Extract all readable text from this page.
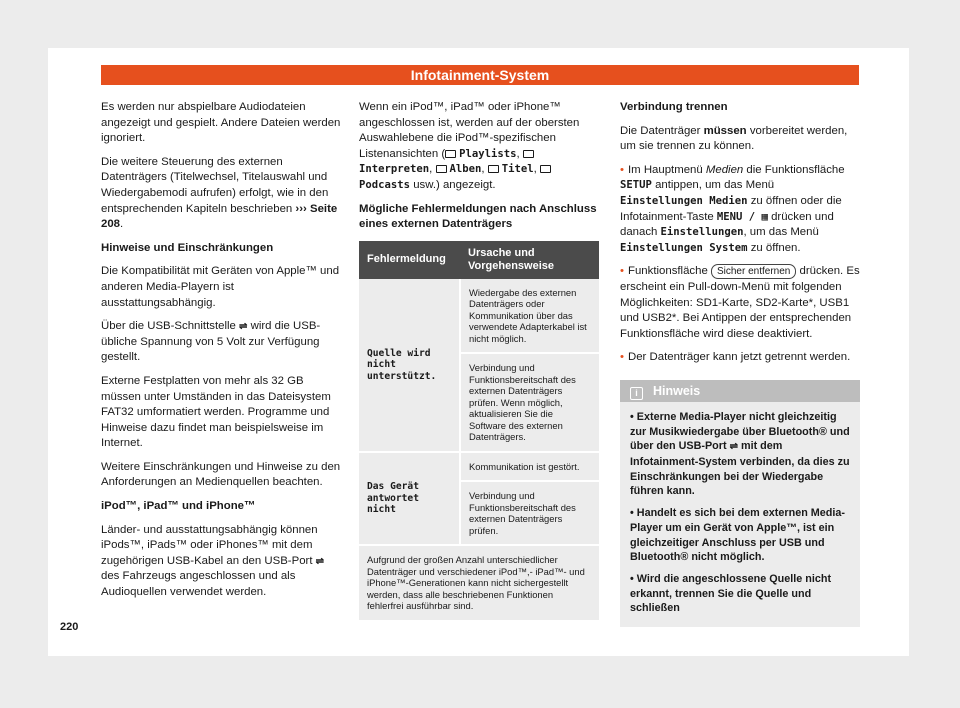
Infotainment-System

Es werden nur abspielbare Audiodateien angezeigt und gespielt. Andere Dateien werden ignoriert.

Die weitere Steuerung des externen Datenträgers (Titelwechsel, Titelauswahl und Wiedergabemodi aufrufen) erfolgt, wie in den entsprechenden Kapiteln beschrieben ››› Seite 208.

Hinweise und Einschränkungen

Die Kompatibilität mit Geräten von Apple™ und anderen Media-Playern ist ausstattungsabhängig.

Über die USB-Schnittstelle ⇌ wird die USB-übliche Spannung von 5 Volt zur Verfügung gestellt.

Externe Festplatten von mehr als 32 GB müssen unter Umständen in das Dateisystem FAT32 umformatiert werden. Programme und Hinweise dazu findet man beispielsweise im Internet.

Weitere Einschränkungen und Hinweise zu den Anforderungen an Medienquellen beachten.

iPod™, iPad™ und iPhone™

Länder- und ausstattungsabhängig können iPods™, iPads™ oder iPhones™ mit dem zugehörigen USB-Kabel an den USB-Port ⇌ des Fahrzeugs angeschlossen und als Audioquellen verwendet werden.

Wenn ein iPod™, iPad™ oder iPhone™ angeschlossen ist, werden auf der obersten Auswahlebene die iPod™-spezifischen Listenansichten ( Playlists, Interpreten, Alben, Titel, Podcasts usw.) angezeigt.

Mögliche Fehlermeldungen nach Anschluss eines externen Datenträgers

Fehlermeldung	Ursache und Vorgehensweise
Quelle wird nicht unterstützt.	Wiedergabe des externen Datenträgers oder Kommunikation über das verwendete Adapterkabel ist nicht möglich.
	Verbindung und Funktionsbereitschaft des externen Datenträgers prüfen. Wenn möglich, aktualisieren Sie die Software des externen Datenträgers.
Das Gerät antwortet nicht	Kommunikation ist gestört.
	Verbindung und Funktionsbereitschaft des externen Datenträgers prüfen.
Aufgrund der großen Anzahl unterschiedlicher Datenträger und verschiedener iPod™,- iPad™- und iPhone™-Generationen kann nicht sichergestellt werden, dass alle beschriebenen Funktionen fehlerfrei ausführbar sind.	

Verbindung trennen

Die Datenträger müssen vorbereitet werden, um sie trennen zu können.

• Im Hauptmenü Medien die Funktionsfläche SETUP antippen, um das Menü Einstellungen Medien zu öffnen oder die Infotainment-Taste MENU / ▦ drücken und danach Einstellungen, um das Menü Einstellungen System zu öffnen.

• Funktionsfläche Sicher entfernen drücken. Es erscheint ein Pull-down-Menü mit folgenden Möglichkeiten: SD1-Karte, SD2-Karte*, USB1 und USB2*. Bei Antippen der entsprechenden Funktionsfläche wird diese deaktiviert.

• Der Datenträger kann jetzt getrennt werden.

i Hinweis

• Externe Media-Player nicht gleichzeitig zur Musikwiedergabe über Bluetooth® und über den USB-Port ⇌ mit dem Infotainment-System verbinden, da dies zu Einschränkungen bei der Wiedergabe führen kann.

• Handelt es sich bei dem externen Media-Player um ein Gerät von Apple™, ist ein gleichzeitiger Anschluss per USB und Bluetooth® nicht möglich.

• Wird die angeschlossene Quelle nicht erkannt, trennen Sie die Quelle und schließen

220
